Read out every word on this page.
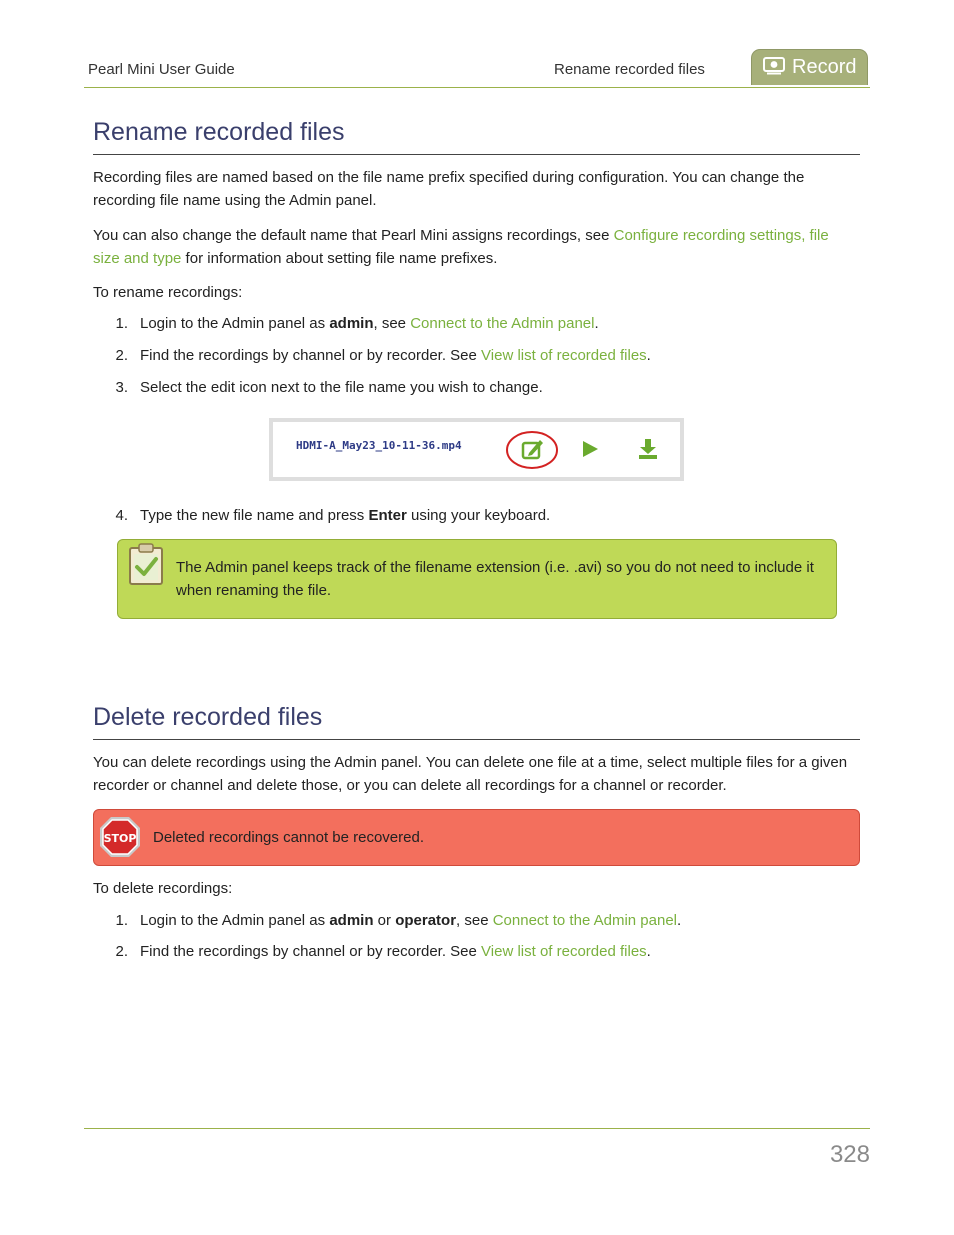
Pearl Mini User Guide	Rename recorded files	Record
Rename recorded files

Recording files are named based on the file name prefix specified during configuration. You can change the recording file name using the Admin panel.

You can also change the default name that Pearl Mini assigns recordings, see Configure recording settings, file size and type for information about setting file name prefixes.

To rename recordings:

1. Login to the Admin panel as admin, see Connect to the Admin panel.

2. Find the recordings by channel or by recorder. See View list of recorded files.

3. Select the edit icon next to the file name you wish to change.

HDMI-A_May23_10-11-36.mp4
4. Type the new file name and press Enter using your keyboard.

The Admin panel keeps track of the filename extension (i.e. .avi) so you do not need to include it when renaming the file.

Delete recorded files

You can delete recordings using the Admin panel. You can delete one file at a time, select multiple files for a given recorder or channel and delete those, or you can delete all recordings for a channel or recorder.

STOP Deleted recordings cannot be recovered.

To delete recordings:

1. Login to the Admin panel as admin or operator, see Connect to the Admin panel.

2. Find the recordings by channel or by recorder. See View list of recorded files.

328
